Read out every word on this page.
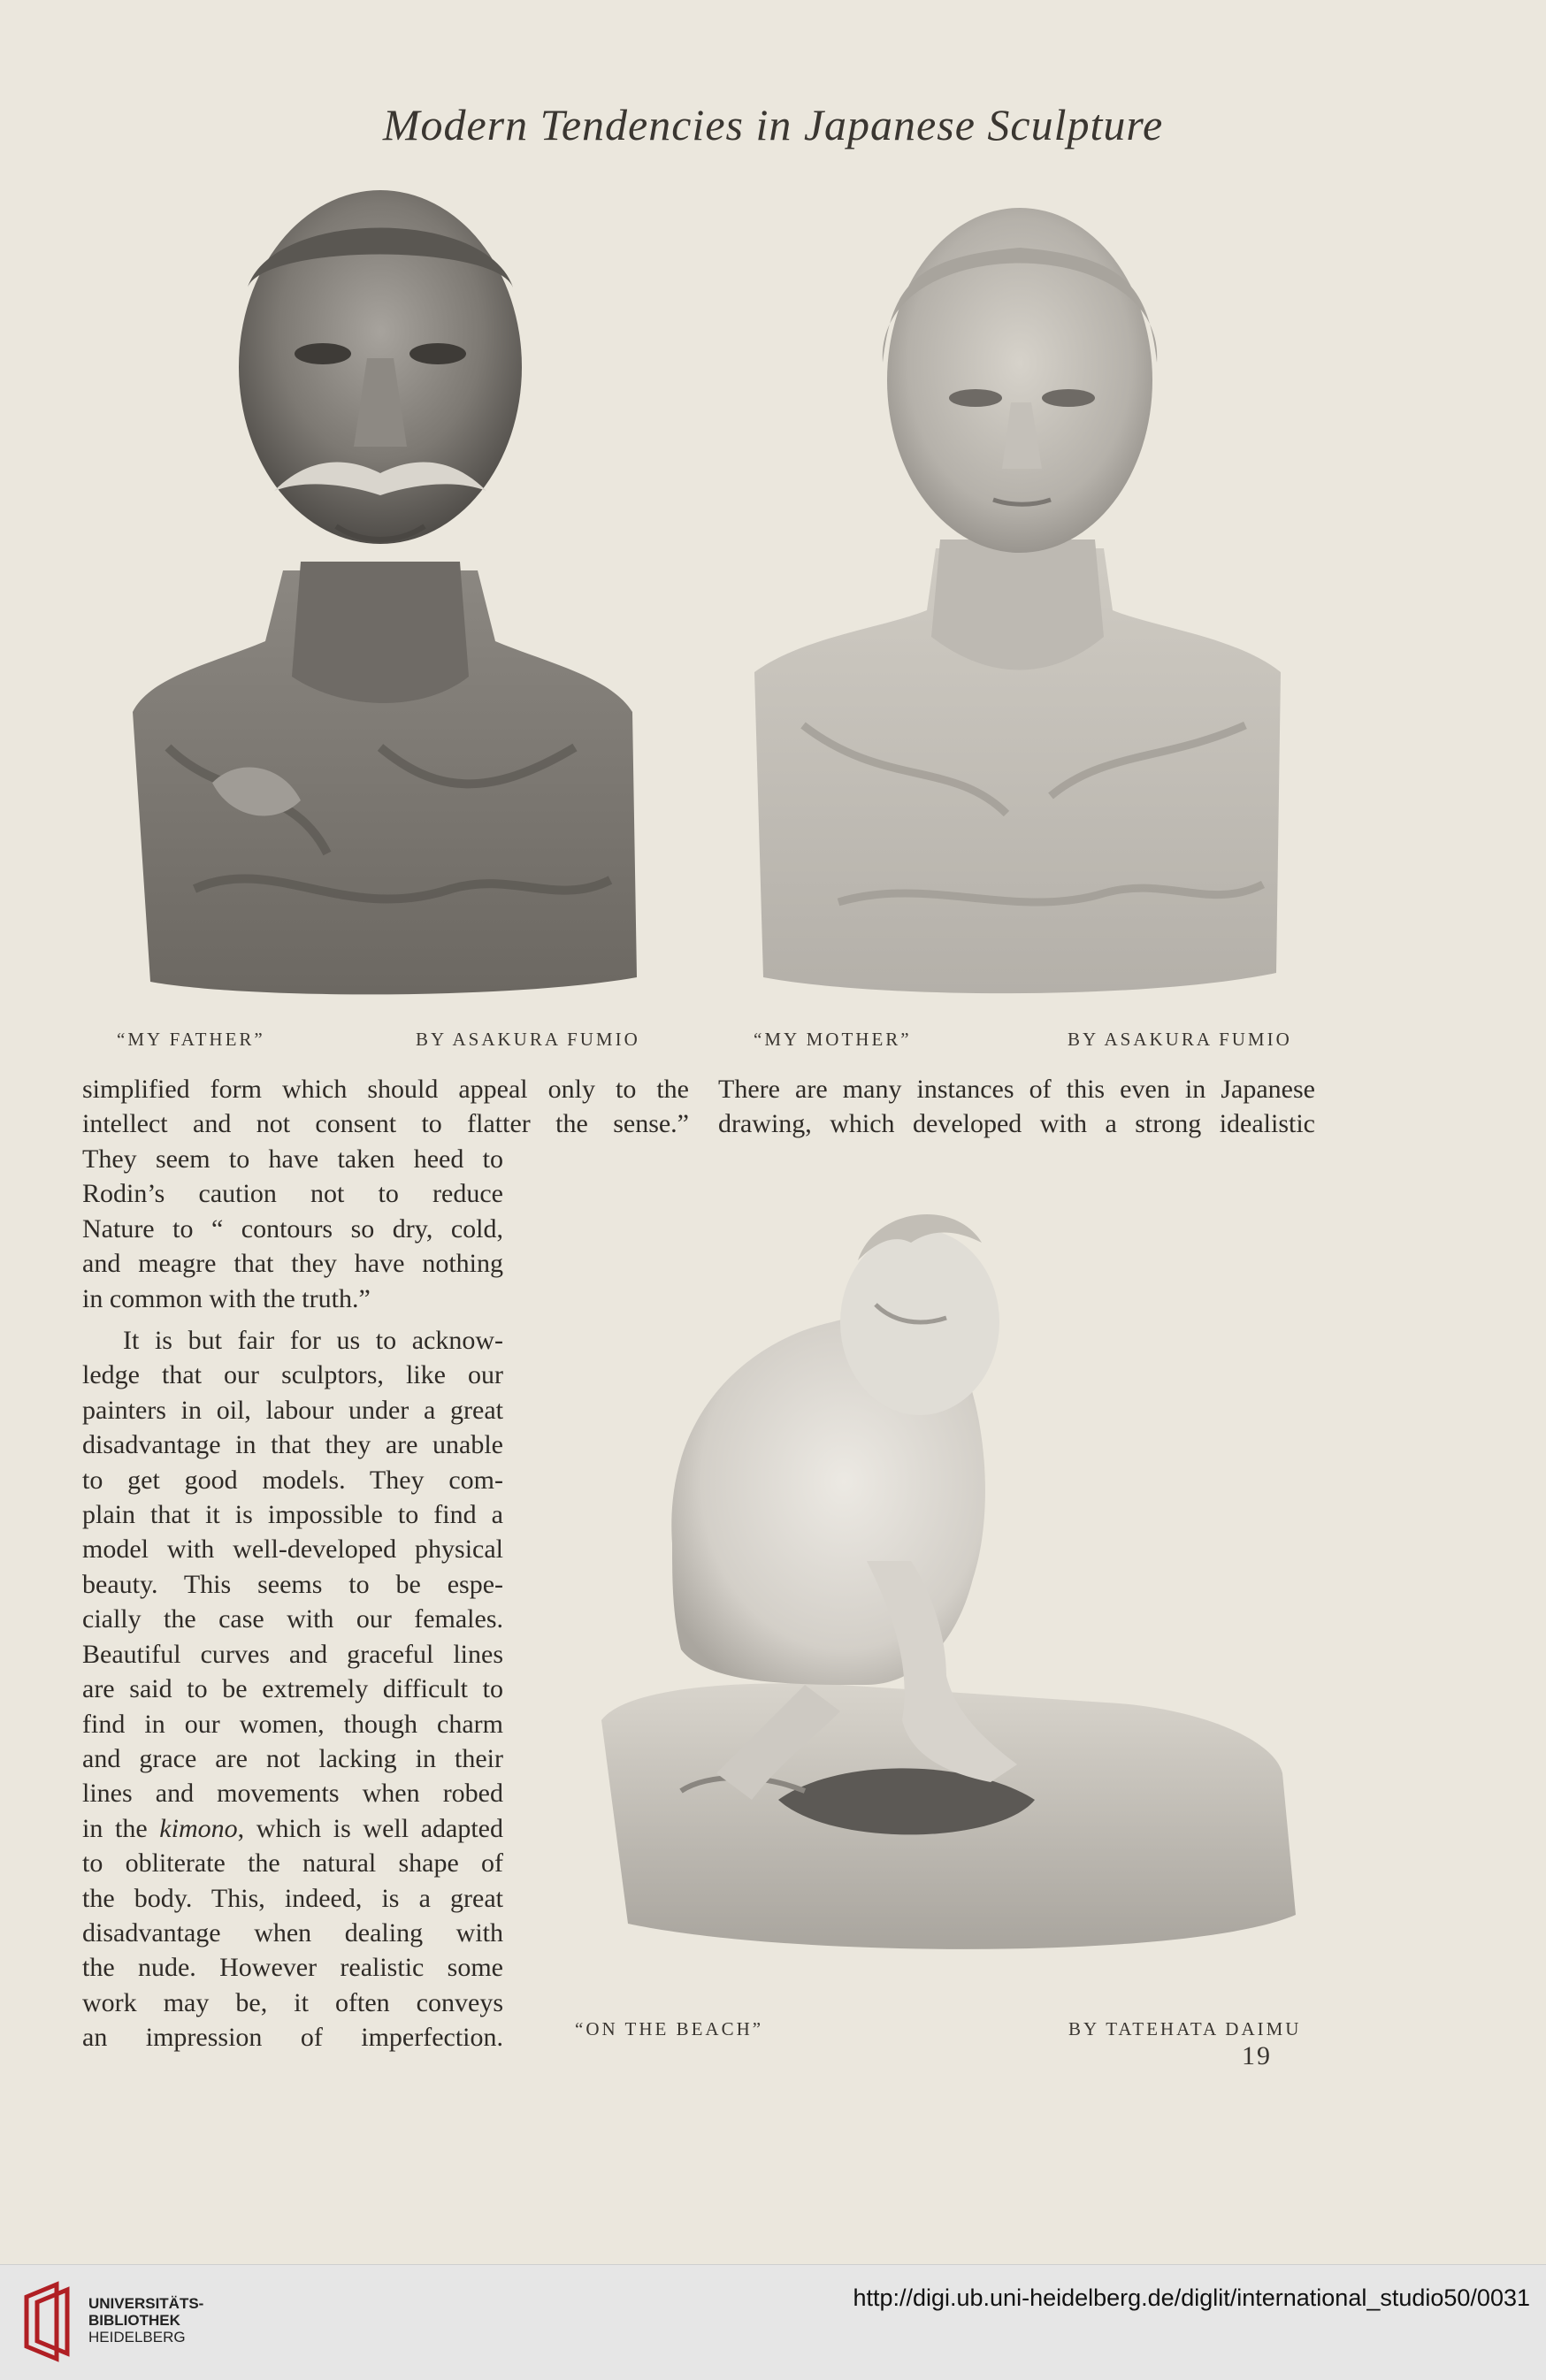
Modern Tendencies in Japanese Sculpture
“MY FATHER”	BY ASAKURA FUMIO	“MY MOTHER”	BY ASAKURA FUMIO
simplified form which should appeal only to the
intellect and not consent to flatter the sense.”
There are many instances of this even in Japanese
drawing, which developed with a strong idealistic
They seem to have taken heed to
Rodin’s caution not to reduce
Nature to “ contours so dry, cold,
and meagre that they have nothing
in common with the truth.”
It is but fair for us to acknow-
ledge that our sculptors, like our
painters in oil, labour under a great
disadvantage in that they are unable
to get good models. They com-
plain that it is impossible to find a
model with well-developed physical
beauty. This seems to be espe-
cially the case with our females.
Beautiful curves and graceful lines
are said to be extremely difficult to
find in our women, though charm
and grace are not lacking in their
lines and movements when robed
in the kimono, which is well adapted
to obliterate the natural shape of
the body. This, indeed, is a great
disadvantage when dealing with
the nude. However realistic some
work may be, it often conveys
an impression of imperfection.	“ON THE BEACH”	BY TATEHATA DAIMU
19
UNIVERSITÄTS-
BIBLIOTHEK
HEIDELBERG
http://digi.ub.uni-heidelberg.de/diglit/international_studio50/0031
